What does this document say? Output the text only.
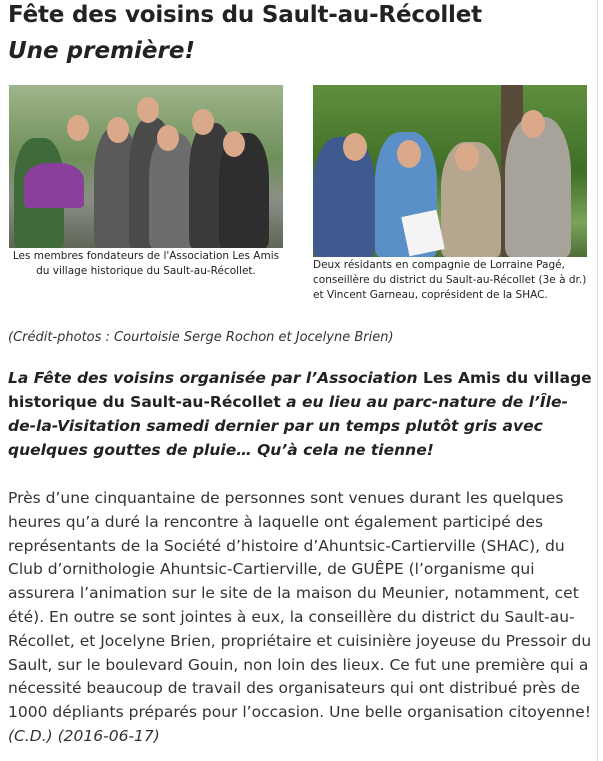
Fête des voisins du Sault-au-Récollet
Une première!
Les membres fondateurs de l'Association Les Amis du village historique du Sault-au-Récollet.	Deux résidants en compagnie de Lorraine Pagé, conseillère du district du Sault-au-Récollet (3e à dr.) et Vincent Garneau, coprésident de la SHAC.
(Crédit-photos : Courtoisie Serge Rochon et Jocelyne Brien)

La Fête des voisins organisée par l’Association Les Amis du village historique du Sault-au-Récollet a eu lieu au parc-nature de l’Île-de-la-Visitation samedi dernier par un temps plutôt gris avec quelques gouttes de pluie… Qu’à cela ne tienne!

Près d’une cinquantaine de personnes sont venues durant les quelques heures qu’a duré la rencontre à laquelle ont également participé des représentants de la Société d’histoire d’Ahuntsic-Cartierville (SHAC), du Club d’ornithologie Ahuntsic-Cartierville, de GUÊPE (l’organisme qui assurera l’animation sur le site de la maison du Meunier, notamment, cet été). En outre se sont jointes à eux, la conseillère du district du Sault-au-Récollet, et Jocelyne Brien, propriétaire et cuisinière joyeuse du Pressoir du Sault, sur le boulevard Gouin, non loin des lieux. Ce fut une première qui a nécessité beaucoup de travail des organisateurs qui ont distribué près de 1000 dépliants préparés pour l’occasion. Une belle organisation citoyenne! (C.D.) (2016-06-17)
